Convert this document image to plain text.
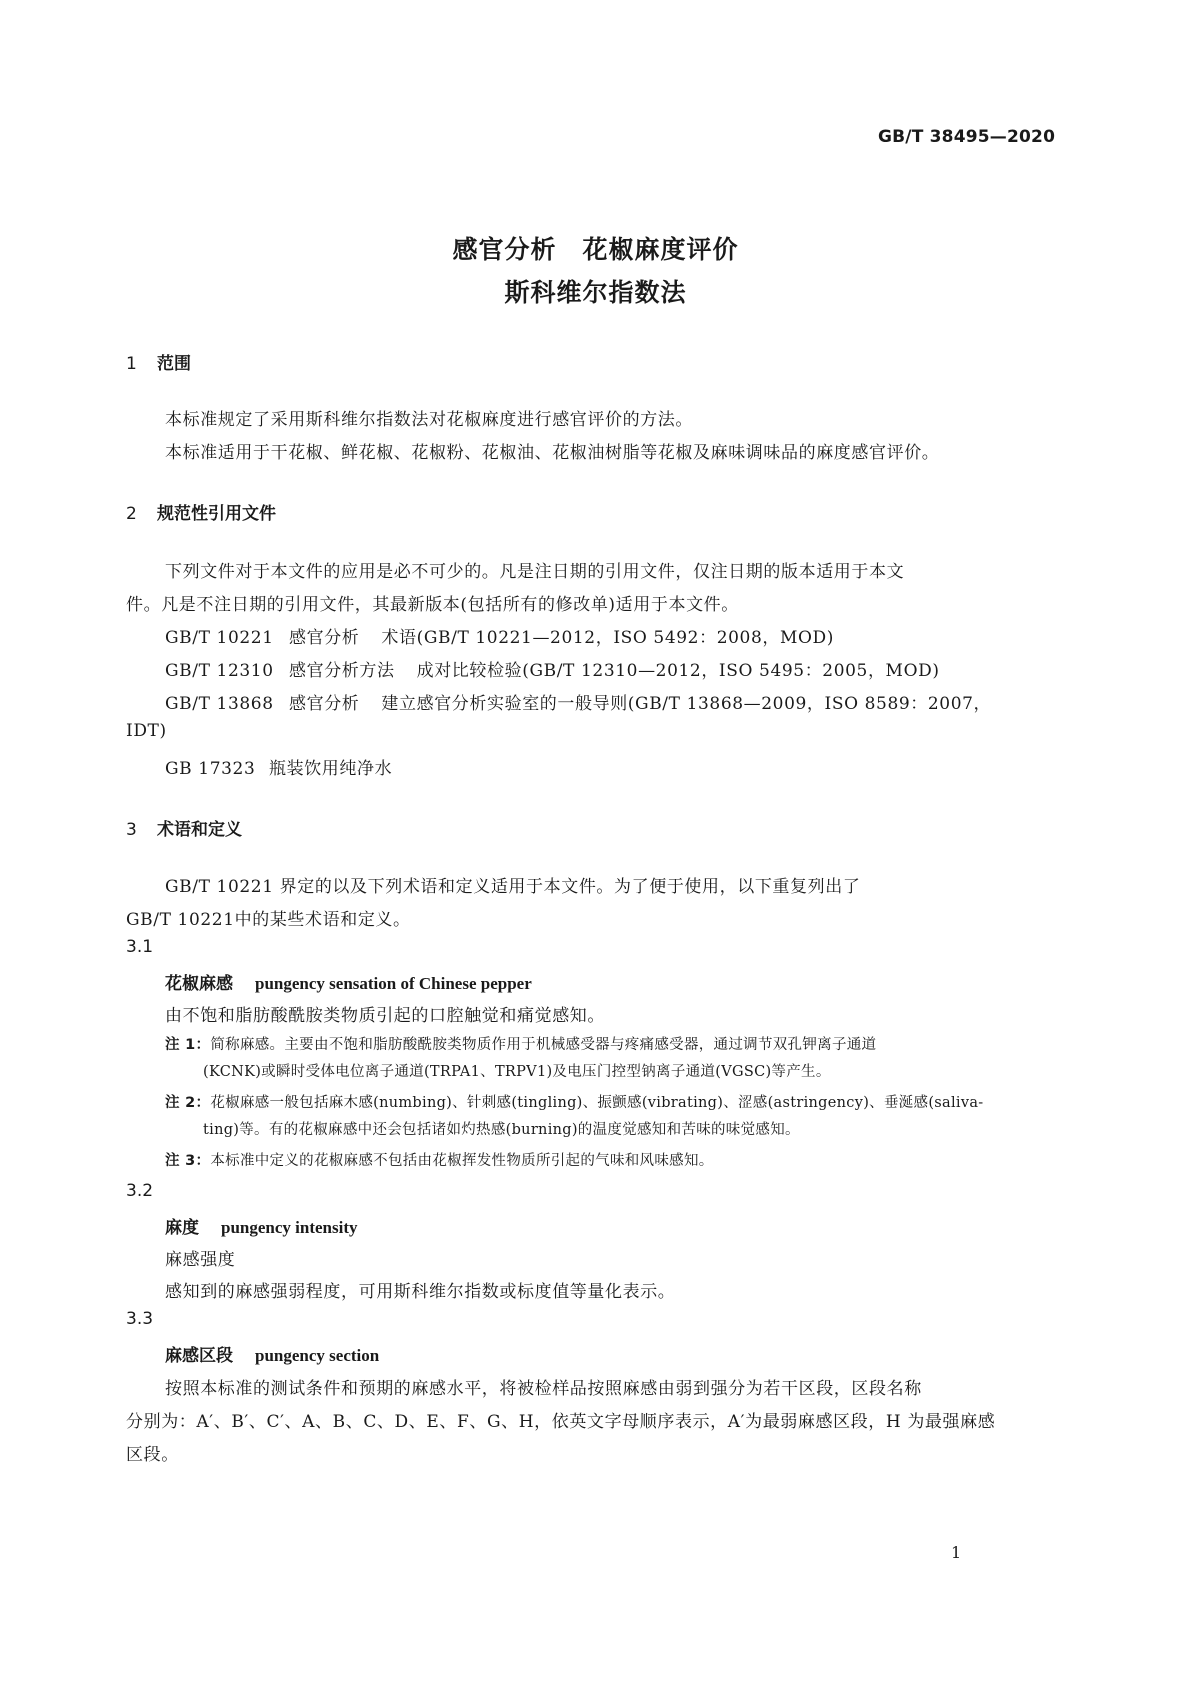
GB/T 38495—2020
感官分析　花椒麻度评价
斯科维尔指数法
1 范围
本标准规定了采用斯科维尔指数法对花椒麻度进行感官评价的方法。
本标准适用于干花椒、鲜花椒、花椒粉、花椒油、花椒油树脂等花椒及麻味调味品的麻度感官评价。
2 规范性引用文件
下列文件对于本文件的应用是必不可少的。凡是注日期的引用文件，仅注日期的版本适用于本文
件。凡是不注日期的引用文件，其最新版本(包括所有的修改单)适用于本文件。
GB/T 10221 感官分析 术语(GB/T 10221—2012，ISO 5492：2008，MOD)
GB/T 12310 感官分析方法 成对比较检验(GB/T 12310—2012，ISO 5495：2005，MOD)
GB/T 13868 感官分析 建立感官分析实验室的一般导则(GB/T 13868—2009，ISO 8589：2007，
IDT)
GB 17323 瓶装饮用纯净水
3 术语和定义
GB/T 10221 界定的以及下列术语和定义适用于本文件。为了便于使用，以下重复列出了
GB/T 10221中的某些术语和定义。
3.1
花椒麻感 pungency sensation of Chinese pepper
由不饱和脂肪酸酰胺类物质引起的口腔触觉和痛觉感知。
注 1：简称麻感。主要由不饱和脂肪酸酰胺类物质作用于机械感受器与疼痛感受器，通过调节双孔钾离子通道
(KCNK)或瞬时受体电位离子通道(TRPA1、TRPV1)及电压门控型钠离子通道(VGSC)等产生。
注 2：花椒麻感一般包括麻木感(numbing)、针刺感(tingling)、振颤感(vibrating)、涩感(astringency)、垂涎感(saliva-
ting)等。有的花椒麻感中还会包括诸如灼热感(burning)的温度觉感知和苦味的味觉感知。
注 3：本标准中定义的花椒麻感不包括由花椒挥发性物质所引起的气味和风味感知。
3.2
麻度 pungency intensity
麻感强度
感知到的麻感强弱程度，可用斯科维尔指数或标度值等量化表示。
3.3
麻感区段 pungency section
按照本标准的测试条件和预期的麻感水平，将被检样品按照麻感由弱到强分为若干区段，区段名称
分别为：A′、B′、C′、A、B、C、D、E、F、G、H，依英文字母顺序表示，A′为最弱麻感区段，H 为最强麻感
区段。
1
